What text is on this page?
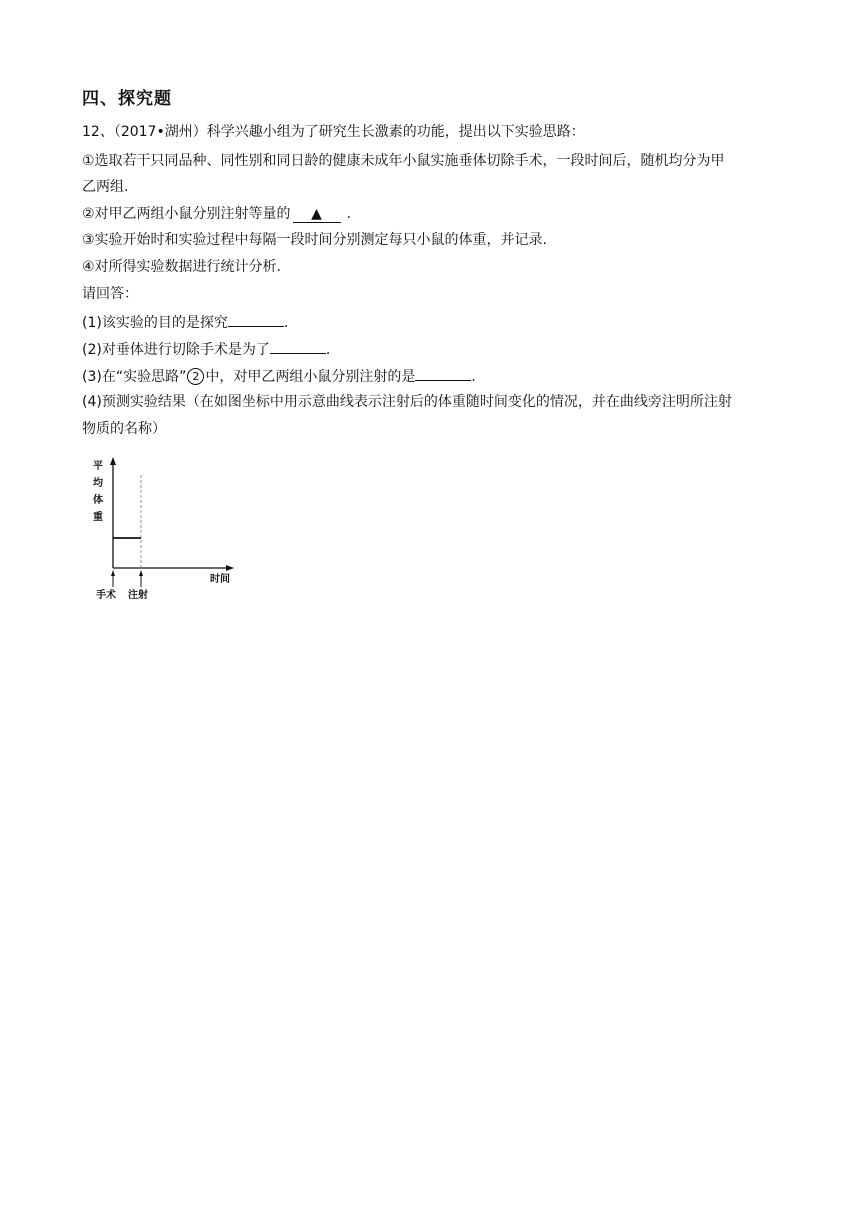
四、探究题
12、（2017•湖州）科学兴趣小组为了研究生长激素的功能，提出以下实验思路：
①选取若干只同品种、同性别和同日龄的健康未成年小鼠实施垂体切除手术，一段时间后，随机均分为甲
乙两组.
②对甲乙两组小鼠分别注射等量的 ▲ .
③实验开始时和实验过程中每隔一段时间分别测定每只小鼠的体重，并记录.
④对所得实验数据进行统计分析.
请回答：
(1)该实验的目的是探究	.
(2)对垂体进行切除手术是为了	.
(3)在“实验思路” 2 中，对甲乙两组小鼠分别注射的是	.
(4)预测实验结果（在如图坐标中用示意曲线表示注射后的体重随时间变化的情况，并在曲线旁注明所注射
物质的名称）
平
均
体
重
时间
手术 注射
